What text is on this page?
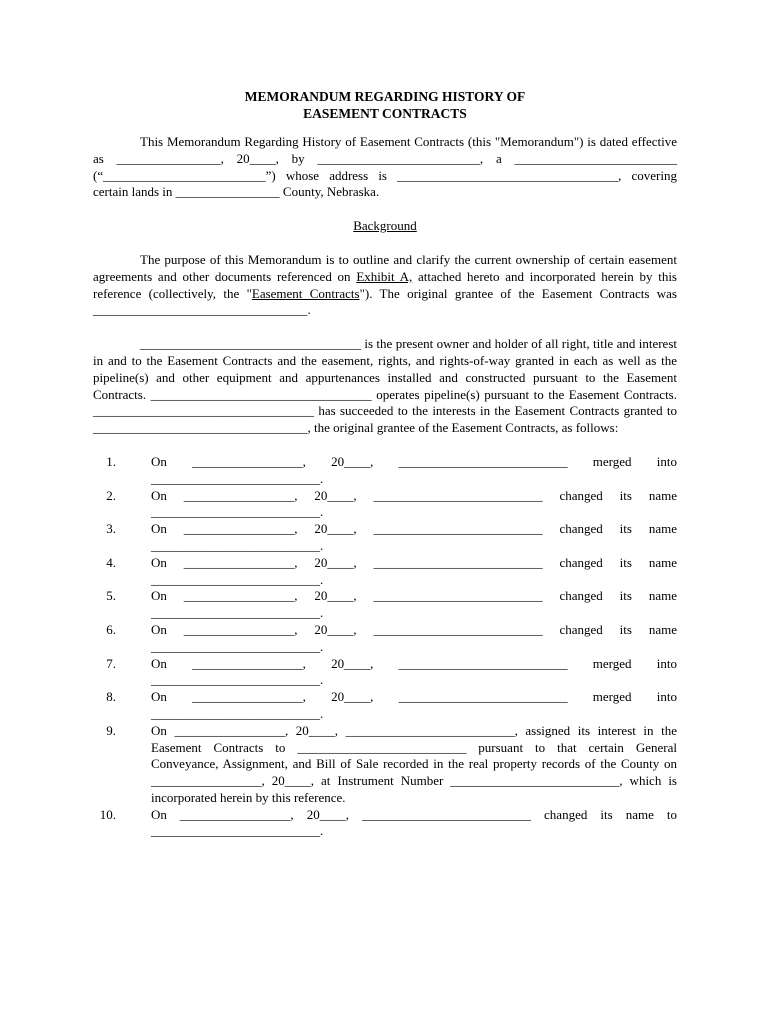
MEMORANDUM REGARDING HISTORY OF
EASEMENT CONTRACTS

This Memorandum Regarding History of Easement Contracts (this "Memorandum") is dated effective as ________________, 20____, by _________________________, a _________________________ (“_________________________”) whose address is __________________________________, covering certain lands in ________________ County, Nebraska.

Background

The purpose of this Memorandum is to outline and clarify the current ownership of certain easement agreements and other documents referenced on Exhibit A, attached hereto and incorporated herein by this reference (collectively, the "Easement Contracts"). The original grantee of the Easement Contracts was _________________________________.

__________________________________ is the present owner and holder of all right, title and interest in and to the Easement Contracts and the easement, rights, and rights-of-way granted in each as well as the pipeline(s) and other equipment and appurtenances installed and constructed pursuant to the Easement Contracts. __________________________________ operates pipeline(s) pursuant to the Easement Contracts. __________________________________ has succeeded to the interests in the Easement Contracts granted to _________________________________, the original grantee of the Easement Contracts, as follows:

1.	On _________________, 20____, __________________________ merged into __________________________.
2.	On _________________, 20____, __________________________ changed its name __________________________.
3.	On _________________, 20____, __________________________ changed its name __________________________.
4.	On _________________, 20____, __________________________ changed its name __________________________.
5.	On _________________, 20____, __________________________ changed its name __________________________.
6.	On _________________, 20____, __________________________ changed its name __________________________.
7.	On _________________, 20____, __________________________ merged into __________________________.
8.	On _________________, 20____, __________________________ merged into __________________________.
9.	On _________________, 20____, __________________________, assigned its interest in the Easement Contracts to __________________________ pursuant to that certain General Conveyance, Assignment, and Bill of Sale recorded in the real property records of the County on _________________, 20____, at Instrument Number __________________________, which is incorporated herein by this reference.
10.	On _________________, 20____, __________________________ changed its name to __________________________.
